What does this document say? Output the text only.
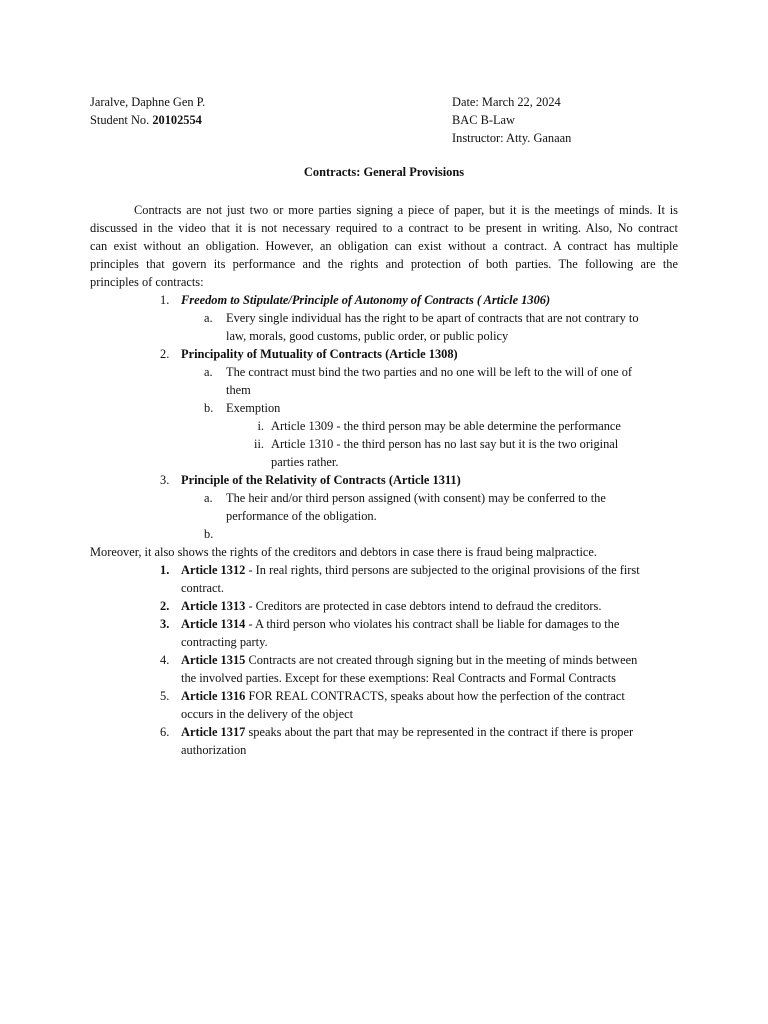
Jaralve, Daphne Gen P.
Student No. 20102554
Date: March 22, 2024
BAC B-Law
Instructor: Atty. Ganaan
Contracts: General Provisions
Contracts are not just two or more parties signing a piece of paper, but it is the meetings of minds. It is
discussed in the video that it is not necessary required to a contract to be present in writing. Also, No contract
can exist without an obligation. However, an obligation can exist without a contract. A contract has multiple
principles that govern its performance and the rights and protection of both parties. The following are the
principles of contracts:
1. Freedom to Stipulate/Principle of Autonomy of Contracts ( Article 1306)
a. Every single individual has the right to be apart of contracts that are not contrary to
law, morals, good customs, public order, or public policy
2. Principality of Mutuality of Contracts (Article 1308)
a. The contract must bind the two parties and no one will be left to the will of one of
them
b. Exemption
i. Article 1309 - the third person may be able determine the performance
ii. Article 1310 - the third person has no last say but it is the two original
parties rather.
3. Principle of the Relativity of Contracts (Article 1311)
a. The heir and/or third person assigned (with consent) may be conferred to the
performance of the obligation.
b.
Moreover, it also shows the rights of the creditors and debtors in case there is fraud being malpractice.
1. Article 1312 - In real rights, third persons are subjected to the original provisions of the first
contract.
2. Article 1313 - Creditors are protected in case debtors intend to defraud the creditors.
3. Article 1314 - A third person who violates his contract shall be liable for damages to the
contracting party.
4. Article 1315 Contracts are not created through signing but in the meeting of minds between
the involved parties. Except for these exemptions: Real Contracts and Formal Contracts
5. Article 1316 FOR REAL CONTRACTS, speaks about how the perfection of the contract
occurs in the delivery of the object
6. Article 1317 speaks about the part that may be represented in the contract if there is proper
authorization
